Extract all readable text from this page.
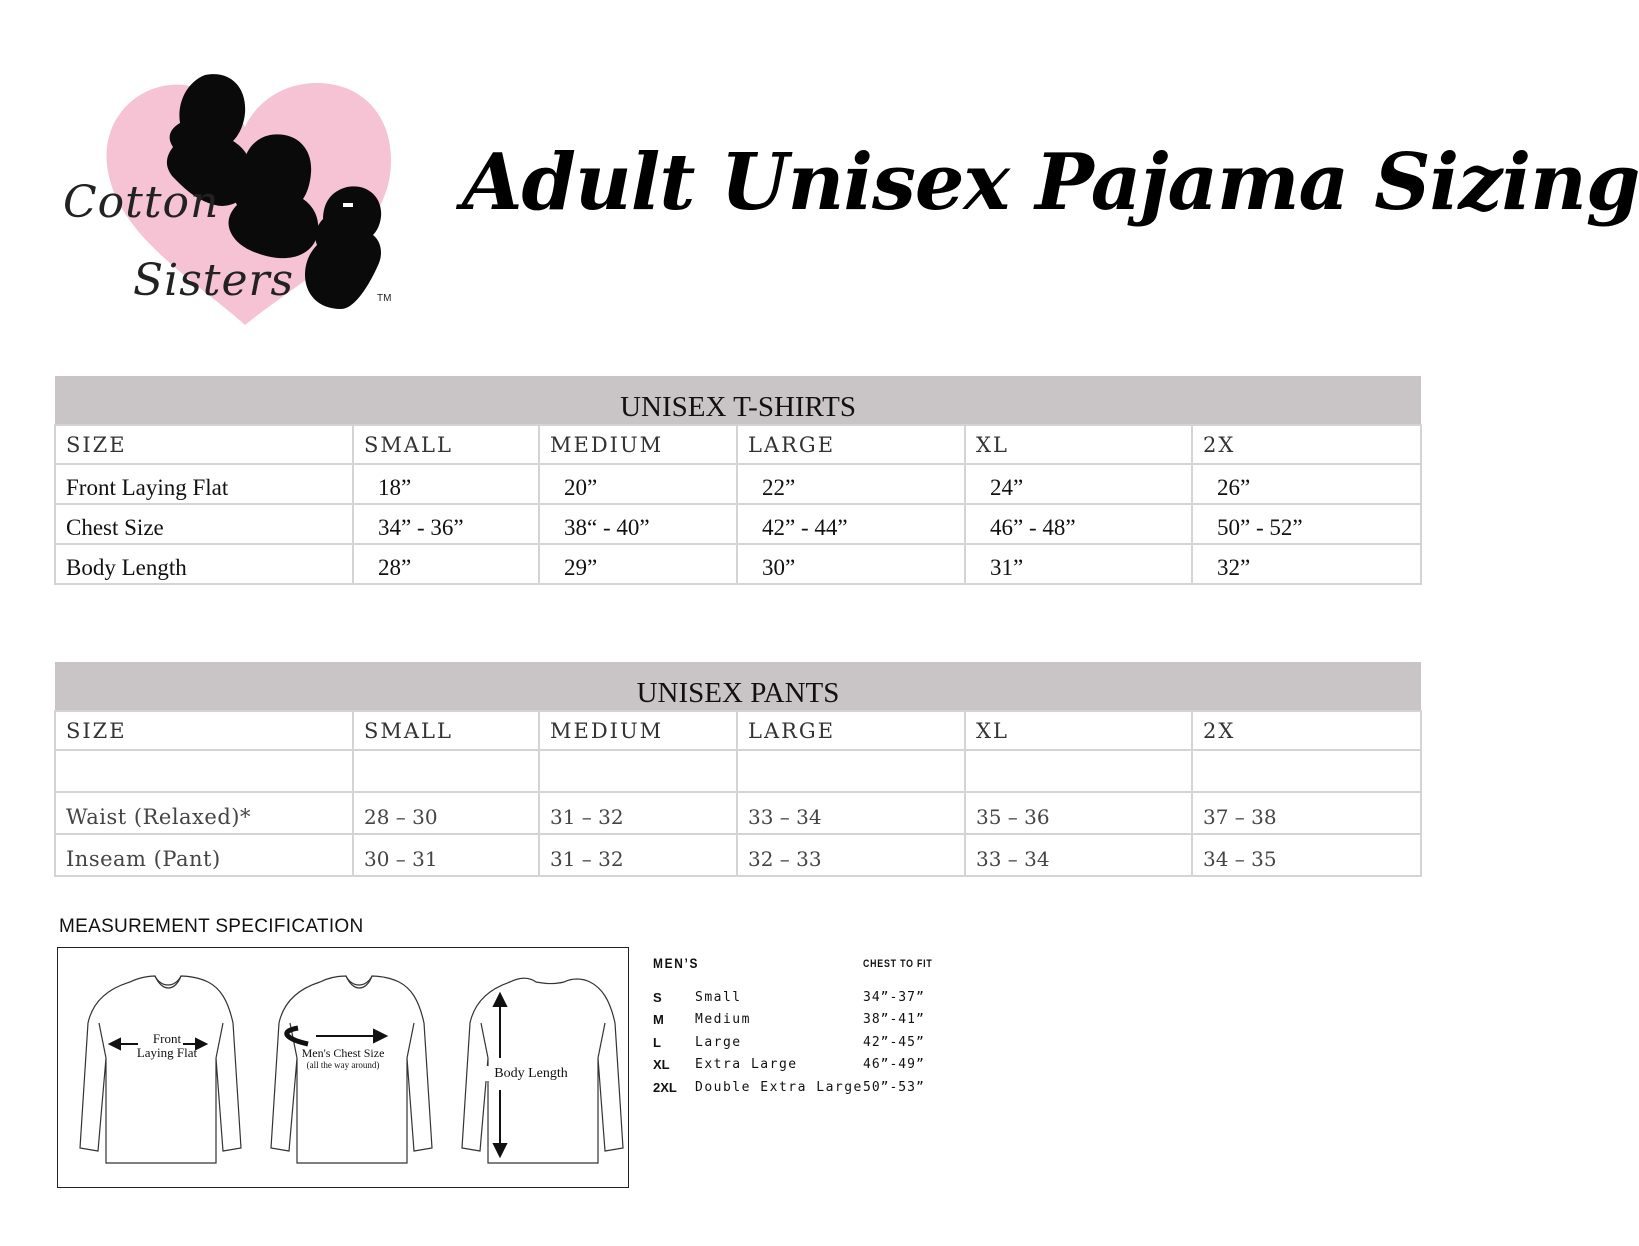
Cotton
Sisters	TM
Adult Unisex Pajama Sizing
UNISEX T-SHIRTS					
SIZE	SMALL	MEDIUM	LARGE	XL	2X
Front Laying Flat	18”	20”	22”	24”	26”
Chest Size	34” - 36”	38“ - 40”	42” - 44”	46” - 48”	50” - 52”
Body Length	28”	29”	30”	31”	32”
UNISEX PANTS					
SIZE	SMALL	MEDIUM	LARGE	XL	2X

Waist (Relaxed)*	28 – 30	31 – 32	33 – 34	35 – 36	37 – 38
Inseam (Pant)	30 – 31	31 – 32	32 – 33	33 – 34	34 – 35
MEASUREMENT SPECIFICATION
Front
Laying Flat	Men's Chest Size
(all the way around)
Body Length
MEN’S	CHEST TO FIT
S	Small	34”-37”
M Medium	38”-41”
L	Large	42”-45”
XL Extra Large	46”-49”
2XL Double Extra Large 50”-53”
